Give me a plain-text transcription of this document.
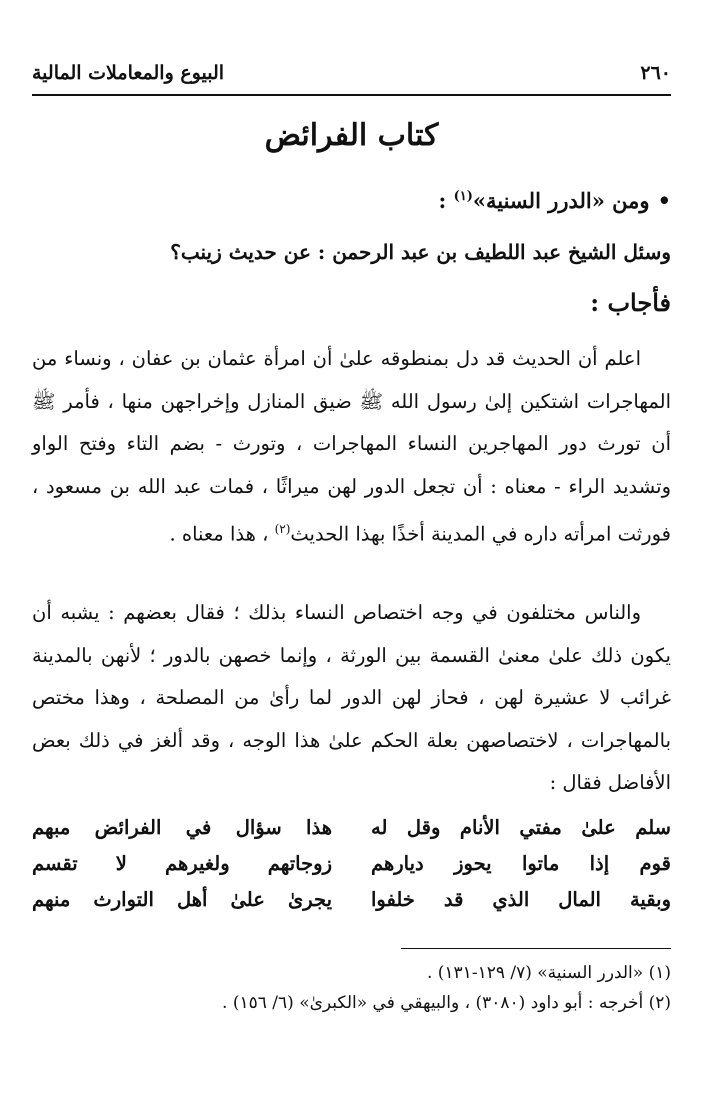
٢٦٠
البيوع والمعاملات المالية
كتاب الفرائض
•ومن «الدرر السنية»$^{(١)}$ :
وسئل الشيخ عبد اللطيف بن عبد الرحمن : عن حديث زينب؟
فأجاب :
اعلم أن الحديث قد دل بمنطوقه علىٰ أن امرأة عثمان بن عفان ، ونساء من المهاجرات اشتكين إلىٰ رسول الله ﷺ ضيق المنازل وإخراجهن منها ، فأمر ﷺ أن تورث دور المهاجرين النساء المهاجرات ، وتورث - بضم التاء وفتح الواو وتشديد الراء - معناه : أن تجعل الدور لهن ميراثًا ، فمات عبد الله بن مسعود ، فورثت امرأته داره في المدينة أخذًا بهذا الحديث$^{(٢)}$ ، هذا معناه .
والناس مختلفون في وجه اختصاص النساء بذلك ؛ فقال بعضهم : يشبه أن يكون ذلك علىٰ معنىٰ القسمة بين الورثة ، وإنما خصهن بالدور ؛ لأنهن بالمدينة غرائب لا عشيرة لهن ، فحاز لهن الدور لما رأىٰ من المصلحة ، وهذا مختص بالمهاجرات ، لاختصاصهن بعلة الحكم علىٰ هذا الوجه ، وقد ألغز في ذلك بعض الأفاضل فقال :
سلم علىٰ مفتي الأنام وقل له
هذا سؤال في الفرائض مبهم
قوم إذا ماتوا يحوز ديارهم
زوجاتهم ولغيرهم لا تقسم
وبقية المال الذي قد خلفوا
يجرىٰ علىٰ أهل التوارث منهم
(١) «الدرر السنية» (٧/ ١٢٩-١٣١) .
(٢) أخرجه : أبو داود (٣٠٨٠) ، والبيهقي في «الكبرىٰ» (٦/ ١٥٦) .
